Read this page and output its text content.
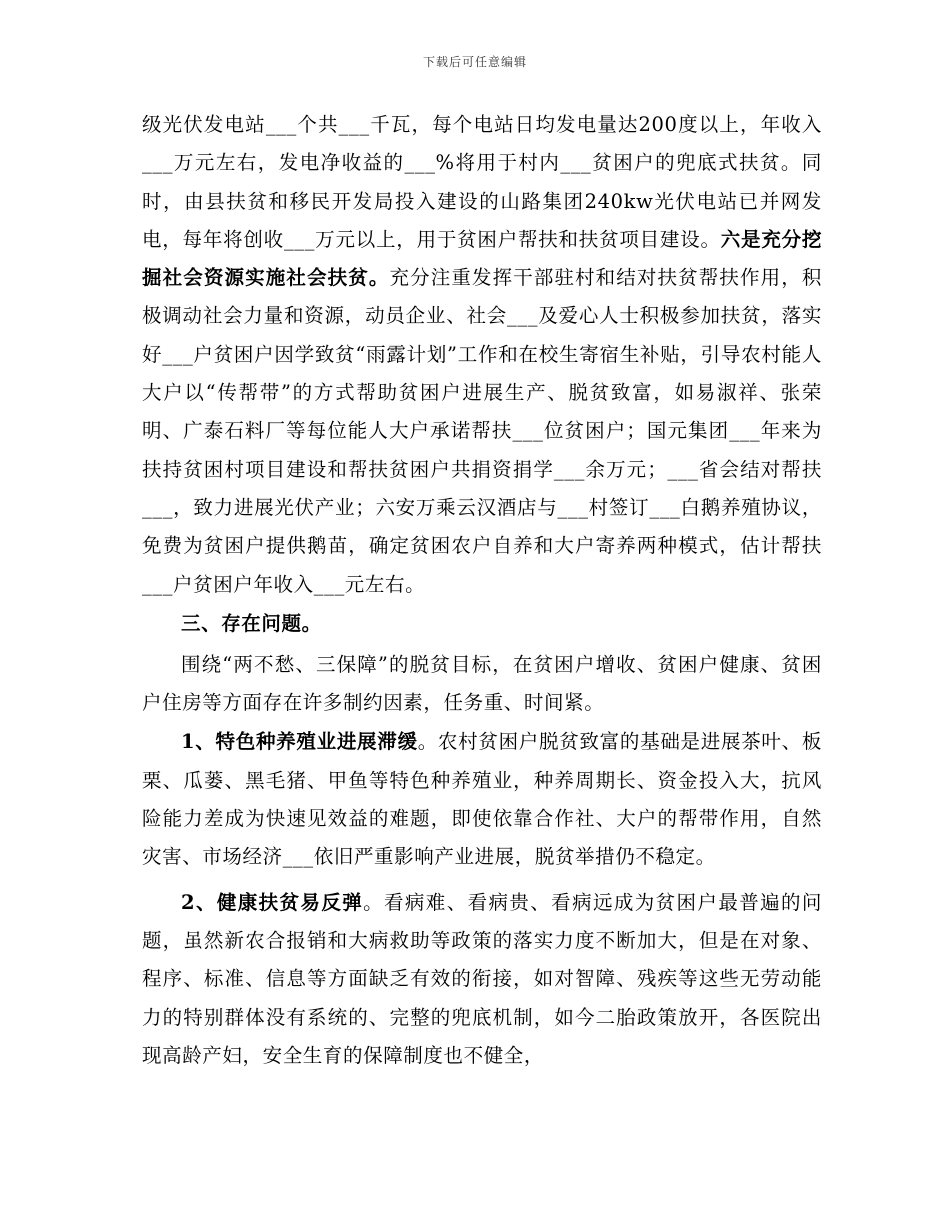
下载后可任意编辑

级光伏发电站___个共___千瓦，每个电站日均发电量达200度以上，年收入___万元左右，发电净收益的___%将用于村内___贫困户的兜底式扶贫。同时，由县扶贫和移民开发局投入建设的山路集团240kw光伏电站已并网发电，每年将创收___万元以上，用于贫困户帮扶和扶贫项目建设。六是充分挖掘社会资源实施社会扶贫。充分注重发挥干部驻村和结对扶贫帮扶作用，积极调动社会力量和资源，动员企业、社会___及爱心人士积极参加扶贫，落实好___户贫困户因学致贫“雨露计划”工作和在校生寄宿生补贴，引导农村能人大户以“传帮带”的方式帮助贫困户进展生产、脱贫致富，如易淑祥、张荣明、广泰石料厂等每位能人大户承诺帮扶___位贫困户；国元集团___年来为扶持贫困村项目建设和帮扶贫困户共捐资捐学___余万元；___省会结对帮扶___，致力进展光伏产业；六安万乘云汉酒店与___村签订___白鹅养殖协议，免费为贫困户提供鹅苗，确定贫困农户自养和大户寄养两种模式，估计帮扶___户贫困户年收入___元左右。

三、存在问题。

围绕“两不愁、三保障”的脱贫目标，在贫困户增收、贫困户健康、贫困户住房等方面存在许多制约因素，任务重、时间紧。

1、特色种养殖业进展滞缓。农村贫困户脱贫致富的基础是进展茶叶、板栗、瓜蒌、黑毛猪、甲鱼等特色种养殖业，种养周期长、资金投入大，抗风险能力差成为快速见效益的难题，即使依靠合作社、大户的帮带作用，自然灾害、市场经济___依旧严重影响产业进展，脱贫举措仍不稳定。

2、健康扶贫易反弹。看病难、看病贵、看病远成为贫困户最普遍的问题，虽然新农合报销和大病救助等政策的落实力度不断加大，但是在对象、程序、标准、信息等方面缺乏有效的衔接，如对智障、残疾等这些无劳动能力的特别群体没有系统的、完整的兜底机制，如今二胎政策放开，各医院出现高龄产妇，安全生育的保障制度也不健全，
